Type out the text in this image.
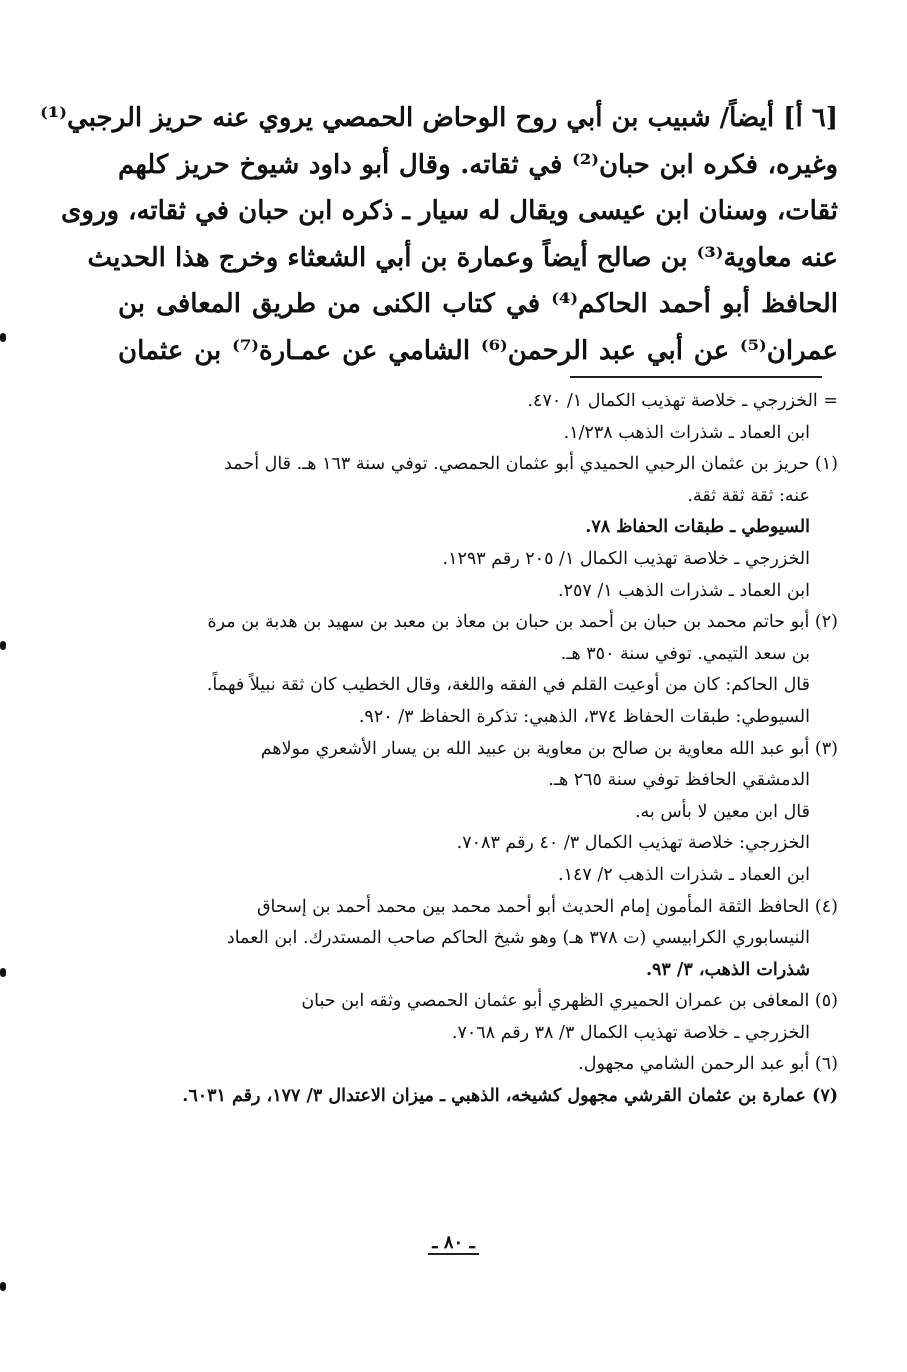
[٦ أ] أيضاً/ شبيب بن أبي روح الوحاض الحمصي يروي عنه حريز الرجبي⁽¹⁾
وغيره، فكره ابن حبان⁽²⁾ في ثقاته. وقال أبو داود شيوخ حريز كلهم
ثقات، وسنان ابن عيسى ويقال له سيار ـ ذكره ابن حبان في ثقاته، وروى
عنه معاوية⁽³⁾ بن صالح أيضاً وعمارة بن أبي الشعثاء وخرج هذا الحديث
الحافظ أبو أحمد الحاكم⁽⁴⁾ في كتاب الكنى من طريق المعافى بن
عمران⁽⁵⁾ عن أبي عبد الرحمن⁽⁶⁾ الشامي عن عمـارة⁽⁷⁾ بن عثمان
= الخزرجي ـ خلاصة تهذيب الكمال ١/ ٤٧٠.
ابن العماد ـ شذرات الذهب ١/٢٣٨.
(١) حريز بن عثمان الرحبي الحميدي أبو عثمان الحمصي. توفي سنة ١٦٣ هـ. قال أحمد
عنه: ثقة ثقة ثقة.
السيوطي ـ طبقات الحفاظ ٧٨.
الخزرجي ـ خلاصة تهذيب الكمال ١/ ٢٠٥ رقم ١٢٩٣.
ابن العماد ـ شذرات الذهب ١/ ٢٥٧.
(٢) أبو حاتم محمد بن حبان بن أحمد بن حبان بن معاذ بن معبد بن سهيد بن هدبة بن مرة
بن سعد التيمي. توفي سنة ٣٥٠ هـ.
قال الحاكم: كان من أوعيت القلم في الفقه واللغة، وقال الخطيب كان ثقة نبيلاً فهماً.
السيوطي: طبقات الحفاظ ٣٧٤، الذهبي: تذكرة الحفاظ ٣/ ٩٢٠.
(٣) أبو عبد الله معاوية بن صالح بن معاوية بن عبيد الله بن يسار الأشعري مولاهم
الدمشقي الحافظ توفي سنة ٢٦٥ هـ.
قال ابن معين لا بأس به.
الخزرجي: خلاصة تهذيب الكمال ٣/ ٤٠ رقم ٧٠٨٣.
ابن العماد ـ شذرات الذهب ٢/ ١٤٧.
(٤) الحافظ الثقة المأمون إمام الحديث أبو أحمد محمد بين محمد أحمد بن إسحاق
النيسابوري الكرابيسي (ت ٣٧٨ هـ) وهو شيخ الحاكم صاحب المستدرك. ابن العماد
شذرات الذهب، ٣/ ٩٣.
(٥) المعافى بن عمران الحميري الظهري أبو عثمان الحمصي وثقه ابن حبان
الخزرجي ـ خلاصة تهذيب الكمال ٣/ ٣٨ رقم ٧٠٦٨.
(٦) أبو عبد الرحمن الشامي مجهول.
(٧) عمارة بن عثمان القرشي مجهول كشيخه، الذهبي ـ ميزان الاعتدال ٣/ ١٧٧، رقم ٦٠٣١.
ـ ٨٠ ـ
